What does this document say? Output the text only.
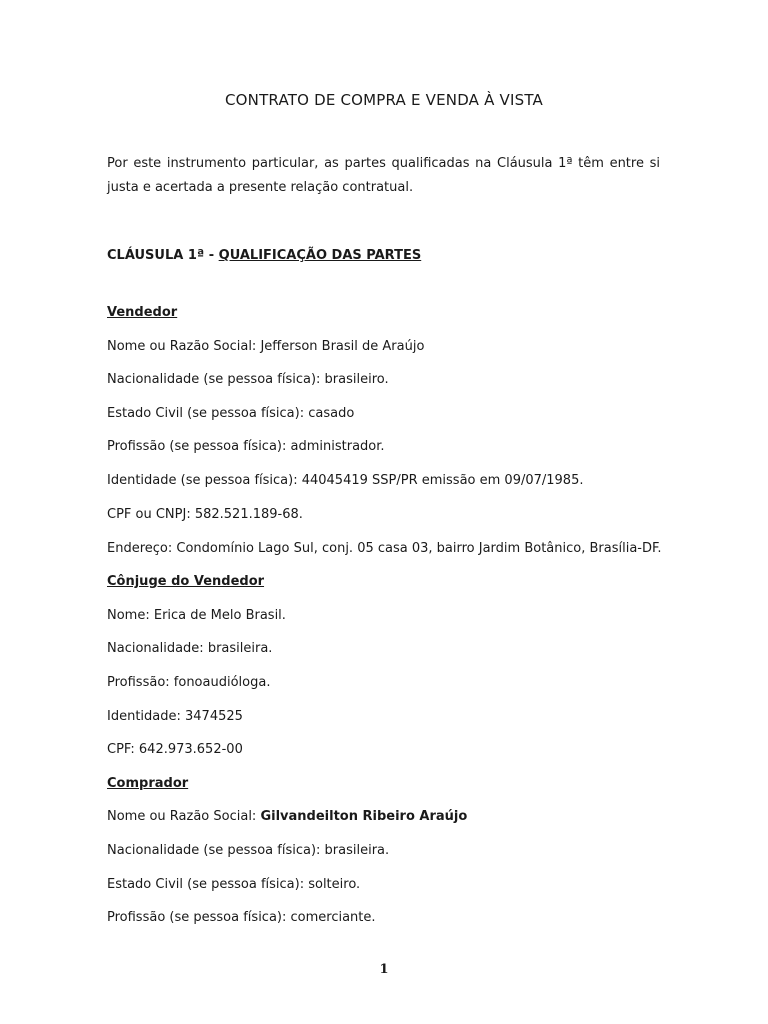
CONTRATO DE COMPRA E VENDA À VISTA
Por este instrumento particular, as partes qualificadas na Cláusula 1ª têm entre si justa e acertada a presente relação contratual.
CLÁUSULA 1ª - QUALIFICAÇÃO DAS PARTES
Vendedor
Nome ou Razão Social: Jefferson Brasil de Araújo
Nacionalidade (se pessoa física): brasileiro.
Estado Civil (se pessoa física): casado
Profissão (se pessoa física): administrador.
Identidade (se pessoa física): 44045419 SSP/PR emissão em 09/07/1985.
CPF ou CNPJ: 582.521.189-68.
Endereço: Condomínio Lago Sul, conj. 05 casa 03, bairro Jardim Botânico, Brasília-DF.
Cônjuge do Vendedor
Nome: Erica de Melo Brasil.
Nacionalidade: brasileira.
Profissão: fonoaudióloga.
Identidade: 3474525
CPF: 642.973.652-00
Comprador
Nome ou Razão Social: Gilvandeilton Ribeiro Araújo
Nacionalidade (se pessoa física): brasileira.
Estado Civil (se pessoa física): solteiro.
Profissão (se pessoa física): comerciante.
1
